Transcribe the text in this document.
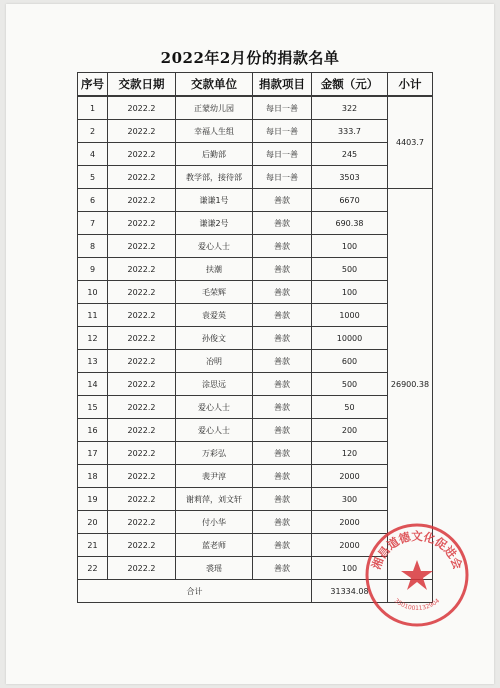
2022年2月份的捐款名单
序号	交款日期	交款单位	捐款项目	金额（元）	小计
1	2022.2	正蒙幼儿园	每日一善	322	4403.7
2	2022.2	幸福人生组	每日一善	333.7	
4	2022.2	后勤部	每日一善	245	
5	2022.2	教学部，接待部	每日一善	3503	
6	2022.2	谦谦1号	善款	6670	26900.38
7	2022.2	谦谦2号	善款	690.38	
8	2022.2	爱心人士	善款	100	
9	2022.2	扶潮	善款	500	
10	2022.2	毛荣辉	善款	100	
11	2022.2	袁爱英	善款	1000	
12	2022.2	孙俊文	善款	10000	
13	2022.2	冶明	善款	600	
14	2022.2	涂思远	善款	500	
15	2022.2	爱心人士	善款	50	
16	2022.2	爱心人士	善款	200	
17	2022.2	万彩弘	善款	120	
18	2022.2	裴尹淳	善款	2000	
19	2022.2	谢莉萍，刘文轩	善款	300	
20	2022.2	付小华	善款	2000	
21	2022.2	蓝老师	善款	2000	
22	2022.2	裘瑶	善款	100	
合计				31334.08	
湘昌道德文化促进会
3501001132904
